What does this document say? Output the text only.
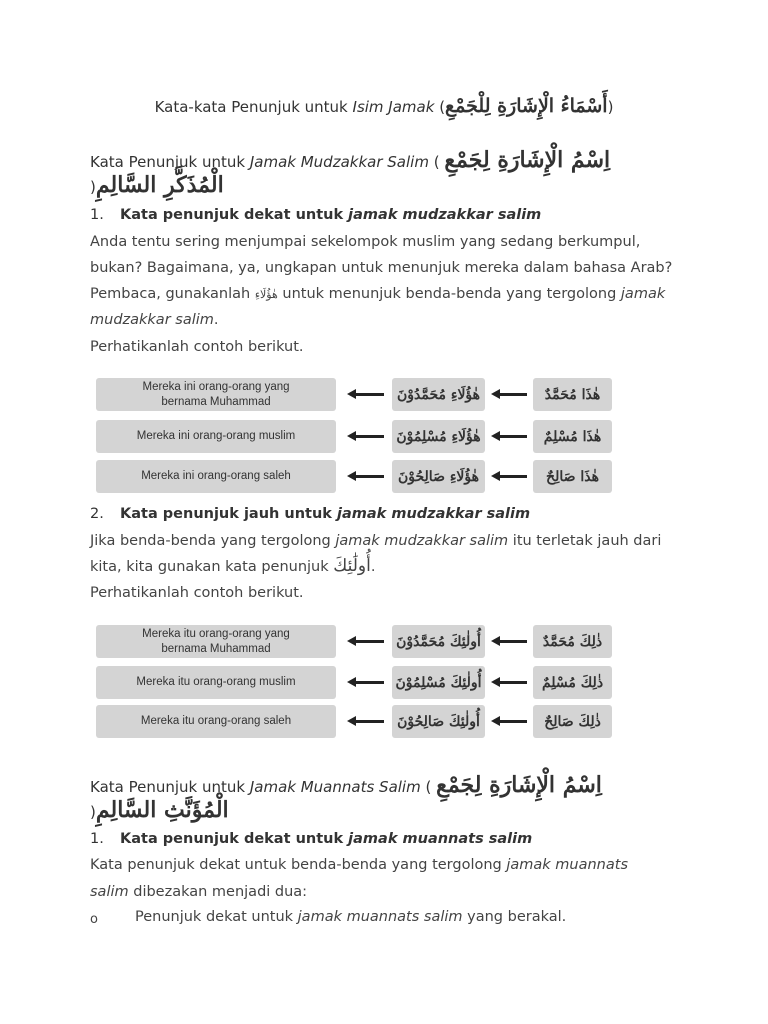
Kata-kata Penunjuk untuk Isim Jamak (أَسْمَاءُ الْإِشَارَةِ لِلْجَمْعِ)
Kata Penunjuk untuk Jamak Mudzakkar Salim ( اِسْمُ الْإِشَارَةِ لِجَمْعِ
)الْمُذَكَّرِ السَّالِمِ
1. Kata penunjuk dekat untuk jamak mudzakkar salim
Anda tentu sering menjumpai sekelompok muslim yang sedang berkumpul,
bukan? Bagaimana, ya, ungkapan untuk menunjuk mereka dalam bahasa Arab?
Pembaca, gunakanlah هٰؤُلَاءِ untuk menunjuk benda-benda yang tergolong jamak
mudzakkar salim.
Perhatikanlah contoh berikut.
Mereka ini orang-orang yang
bernama Muhammad	هٰؤُلَاءِ مُحَمَّدُوْنَ	هٰذَا مُحَمَّدٌ
Mereka ini orang-orang muslim	هٰؤُلَاءِ مُسْلِمُوْنَ	هٰذَا مُسْلِمٌ
Mereka ini orang-orang saleh	هٰؤُلَاءِ صَالِحُوْنَ	هٰذَا صَالِحٌ
2. Kata penunjuk jauh untuk jamak mudzakkar salim
Jika benda-benda yang tergolong jamak mudzakkar salim itu terletak jauh dari
kita, kita gunakan kata penunjuk أُولَٰئِكَ.
Perhatikanlah contoh berikut.
Mereka itu orang-orang yang
bernama Muhammad	أُولٰئِكَ مُحَمَّدُوْنَ	ذٰلِكَ مُحَمَّدٌ
Mereka itu orang-orang muslim	أُولٰئِكَ مُسْلِمُوْنَ	ذٰلِكَ مُسْلِمٌ
Mereka itu orang-orang saleh	أُولٰئِكَ صَالِحُوْنَ	ذٰلِكَ صَالِحٌ
Kata Penunjuk untuk Jamak Muannats Salim ( اِسْمُ الْإِشَارَةِ لِجَمْعِ
)الْمُؤَنَّثِ السَّالِمِ
1. Kata penunjuk dekat untuk jamak muannats salim
Kata penunjuk dekat untuk benda-benda yang tergolong jamak muannats
salim dibezakan menjadi dua:
o	Penunjuk dekat untuk jamak muannats salim yang berakal.
